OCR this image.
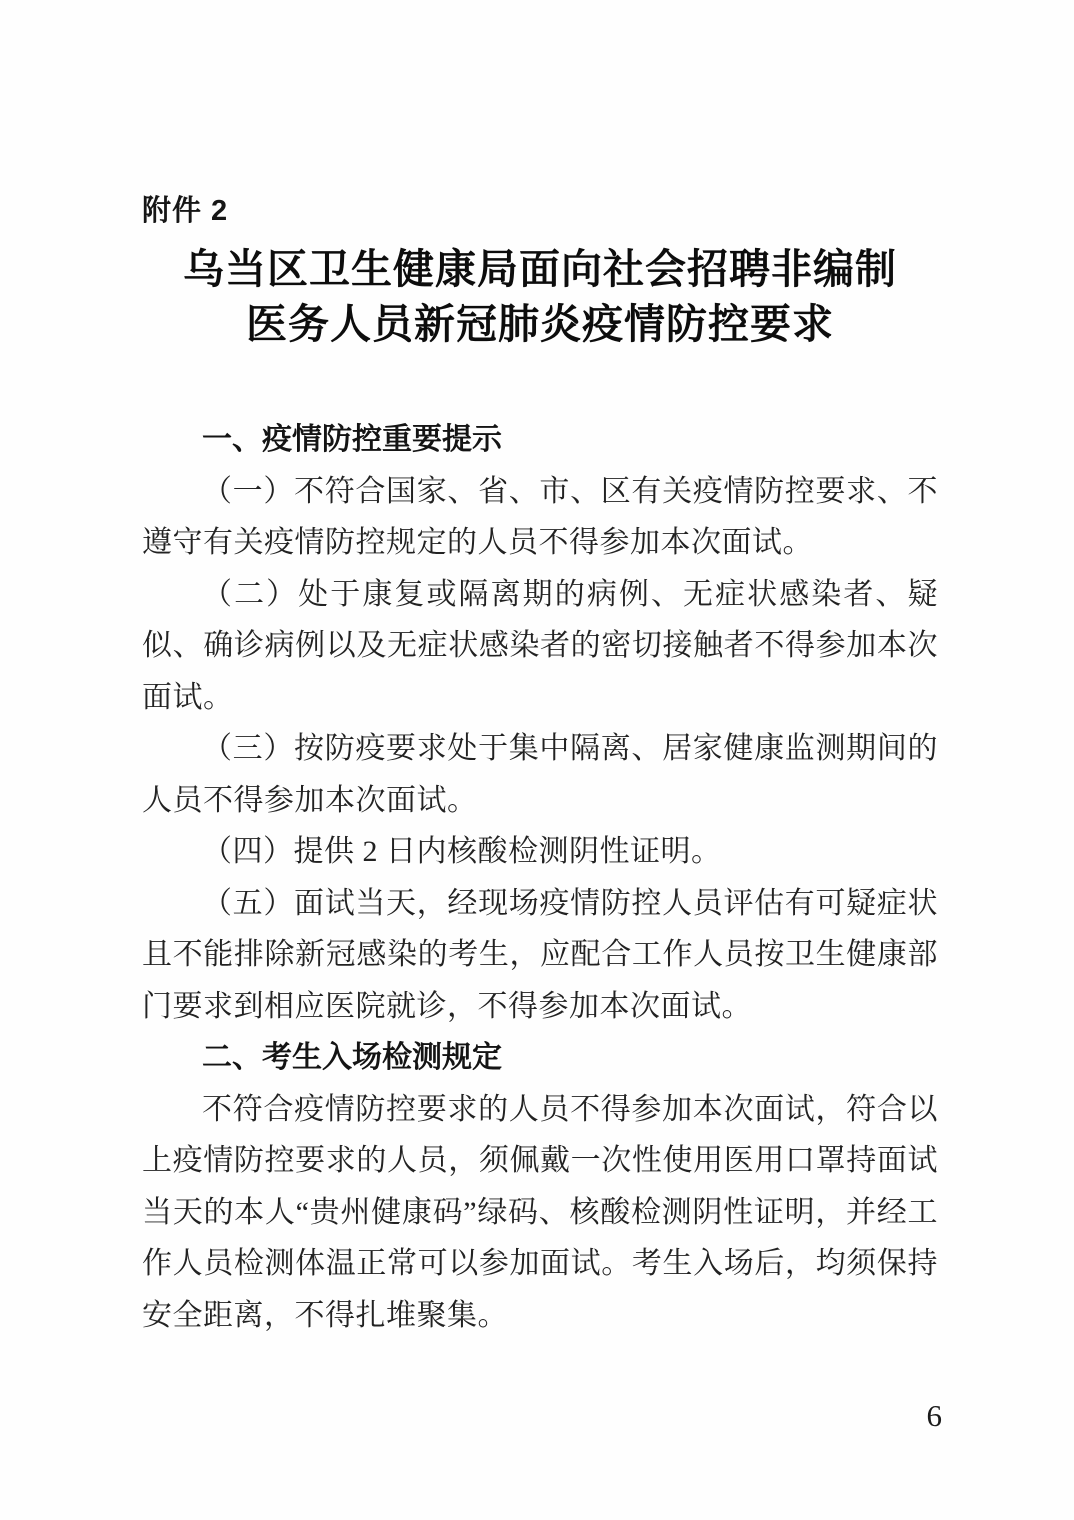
附件 2
乌当区卫生健康局面向社会招聘非编制
医务人员新冠肺炎疫情防控要求
一、疫情防控重要提示

（一）不符合国家、省、市、区有关疫情防控要求、不遵守有关疫情防控规定的人员不得参加本次面试。

（二）处于康复或隔离期的病例、无症状感染者、疑似、确诊病例以及无症状感染者的密切接触者不得参加本次面试。

（三）按防疫要求处于集中隔离、居家健康监测期间的人员不得参加本次面试。

（四）提供 2 日内核酸检测阴性证明。

（五）面试当天，经现场疫情防控人员评估有可疑症状且不能排除新冠感染的考生，应配合工作人员按卫生健康部门要求到相应医院就诊，不得参加本次面试。

二、考生入场检测规定

不符合疫情防控要求的人员不得参加本次面试，符合以上疫情防控要求的人员，须佩戴一次性使用医用口罩持面试当天的本人“贵州健康码”绿码、核酸检测阴性证明，并经工作人员检测体温正常可以参加面试。考生入场后，均须保持安全距离，不得扎堆聚集。

6
